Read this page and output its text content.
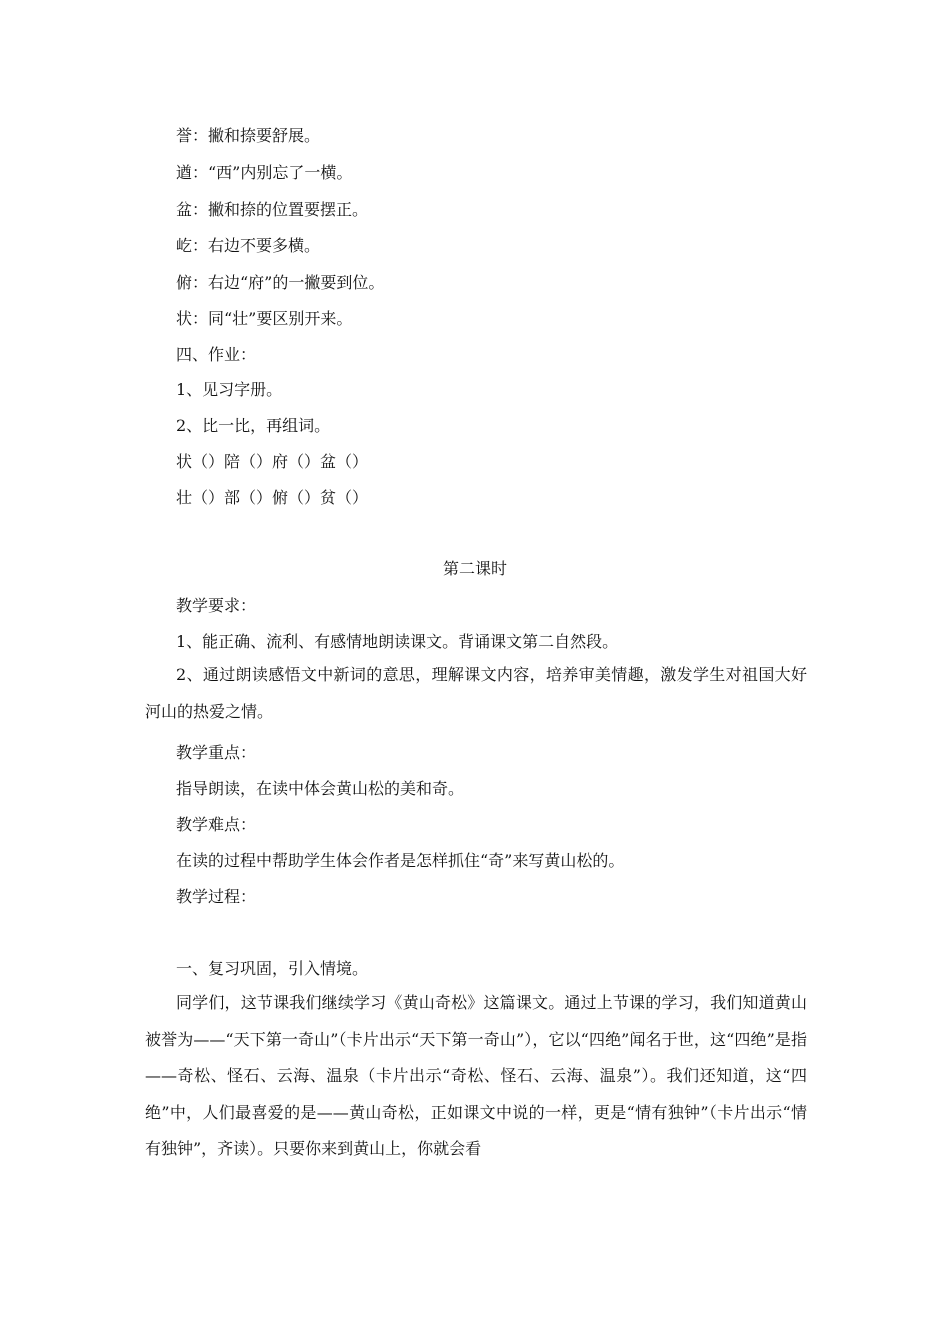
誉：撇和捺要舒展。
遒：“西”内别忘了一横。
盆：撇和捺的位置要摆正。
屹：右边不要多横。
俯：右边“府”的一撇要到位。
状：同“壮”要区别开来。
四、作业：
1、见习字册。
2、比一比，再组词。
状（）陪（）府（）盆（）
壮（）部（）俯（）贫（）
第二课时
教学要求：
1、能正确、流利、有感情地朗读课文。背诵课文第二自然段。
2、通过朗读感悟文中新词的意思，理解课文内容，培养审美情趣，激发学生对祖国大好河山的热爱之情。
教学重点：
指导朗读，在读中体会黄山松的美和奇。
教学难点：
在读的过程中帮助学生体会作者是怎样抓住“奇”来写黄山松的。
教学过程：
一、复习巩固，引入情境。
同学们，这节课我们继续学习《黄山奇松》这篇课文。通过上节课的学习，我们知道黄山被誉为——“天下第一奇山”（卡片出示“天下第一奇山”），它以“四绝”闻名于世，这“四绝”是指——奇松、怪石、云海、温泉（卡片出示“奇松、怪石、云海、温泉”）。我们还知道，这“四绝”中，人们最喜爱的是——黄山奇松，正如课文中说的一样，更是“情有独钟”（卡片出示“情有独钟”，齐读）。只要你来到黄山上，你就会看
